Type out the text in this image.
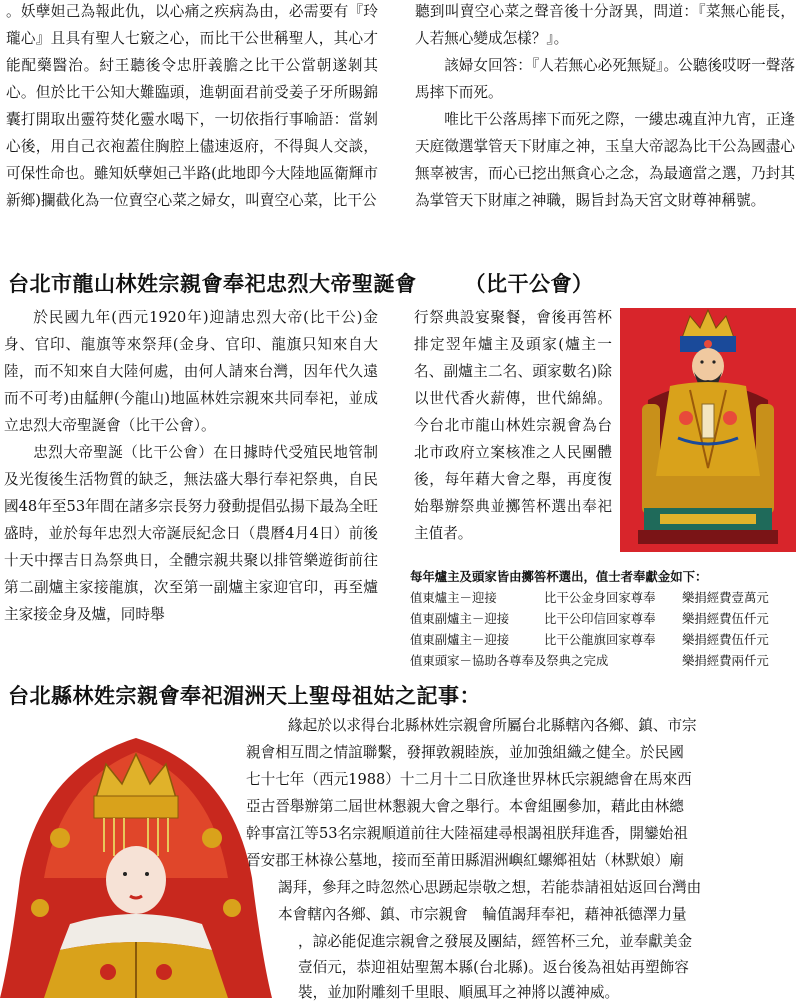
。妖孽妲己為報此仇，以心痛之疾病為由，必需要有『玲瓏心』且具有聖人七竅之心，而比干公世稱聖人，其心才能配藥醫治。紂王聽後令忠肝義膽之比干公當朝遂剝其心。但於比干公知大難臨頭，進朝面君前受姜子牙所賜錦囊打開取出靈符焚化靈水喝下，一切依指行事喻語：當剝心後，用自己衣袍蓋住胸腔上儘速返府，不得與人交談，可保性命也。雖知妖孽妲己半路(此地即今大陸地區衛輝市新鄉)攔截化為一位賣空心菜之婦女，叫賣空心菜，比干公

聽到叫賣空心菜之聲音後十分訝異，問道：『菜無心能長，人若無心變成怎樣？』。

該婦女回答：『人若無心必死無疑』。公聽後哎呀一聲落馬摔下而死。

唯比干公落馬摔下而死之際，一縷忠魂直沖九宵，正逢天庭徵選掌管天下財庫之神，玉皇大帝認為比干公為國盡心無辜被害，而心已挖出無貪心之念，為最適當之選，乃封其為掌管天下財庫之神職，賜旨封為天宮文財尊神稱號。

台北市龍山林姓宗親會奉祀忠烈大帝聖誕會 （比干公會）

於民國九年(西元1920年)迎請忠烈大帝(比干公)金身、官印、龍旗等來祭拜(金身、官印、龍旗只知來自大陸，而不知來自大陸何處，由何人請來台灣，因年代久遠而不可考)由艋舺(今龍山)地區林姓宗親來共同奉祀，並成立忠烈大帝聖誕會（比干公會）。

忠烈大帝聖誕（比干公會）在日據時代受殖民地管制及光復後生活物質的缺乏，無法盛大舉行奉祀祭典，自民國48年至53年間在諸多宗長努力發動提倡弘揚下最為全旺盛時，並於每年忠烈大帝誕辰紀念日（農曆4月4日）前後十天中擇吉日為祭典日，全體宗親共聚以排管樂遊街前往第二副爐主家接龍旗，次至第一副爐主家迎官印，再至爐主家接金身及爐，同時舉

行祭典設宴聚餐，會後再筶杯排定翌年爐主及頭家(爐主一名、副爐主二名、頭家數名)除以世代香火薪傳，世代綿綿。今台北市龍山林姓宗親會為台北市政府立案核准之人民團體後，每年藉大會之舉，再度復始舉辦祭典並擲筶杯選出奉祀主值者。

每年爐主及頭家皆由擲筶杯選出，值士者奉獻金如下：
值東爐主－迎接	比干公金身回家尊奉	樂捐經費壹萬元
值東副爐主－迎接	比干公印信回家尊奉	樂捐經費伍仟元
值東副爐主－迎接	比干公龍旗回家尊奉	樂捐經費伍仟元
值東頭家－協助各尊奉及祭典之完成	樂捐經費兩仟元
台北縣林姓宗親會奉祀湄洲天上聖母祖姑之記事：
緣起於以求得台北縣林姓宗親會所屬台北縣轄內各鄉、鎮、市宗
親會相互間之情誼聯繫，發揮敦親睦族，並加強組織之健全。於民國
七十七年（西元1988）十二月十二日欣逢世界林氏宗親總會在馬來西
亞古晉舉辦第二屆世林懇親大會之舉行。本會組團參加，藉此由林總
幹事富江等53名宗親順道前往大陸福建尋根謁祖朕拜進香，開鑾始祖
晉安郡王林祿公墓地，接而至莆田縣湄洲嶼紅螺鄉祖姑（林默娘）廟
謁拜，參拜之時忽然心思踴起崇敬之想，若能恭請祖姑返回台灣由
本會轄內各鄉、鎮、市宗親會　輪值謁拜奉祀，藉神祇德澤力量
，諒必能促進宗親會之發展及團結，經筶杯三允，並奉獻美金
壹佰元，恭迎祖姑聖駕本縣(台北縣)。返台後為祖姑再塑飾容
裝，並加附雕刻千里眼、順風耳之神將以護神威。
